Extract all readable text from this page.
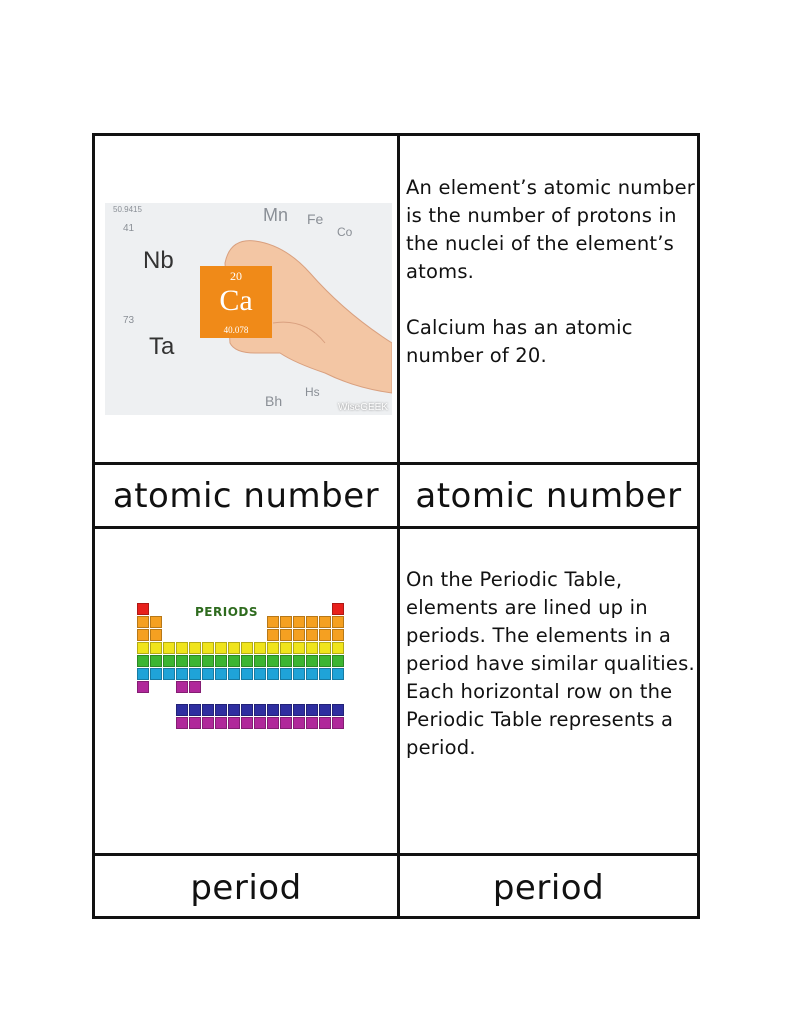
50.9415
41
Nb
73
Ta
Mn Fe
Co
Bh
Hs
20
Ca
40.078
WiseGEEK

An element’s atomic number is the number of protons in the nuclei of the element’s atoms.

Calcium has an atomic number of 20.

atomic number	atomic number
PERIODS

On the Periodic Table, elements are lined up in periods. The elements in a period have similar qualities. Each horizontal row on the Periodic Table represents a period.

period	period
